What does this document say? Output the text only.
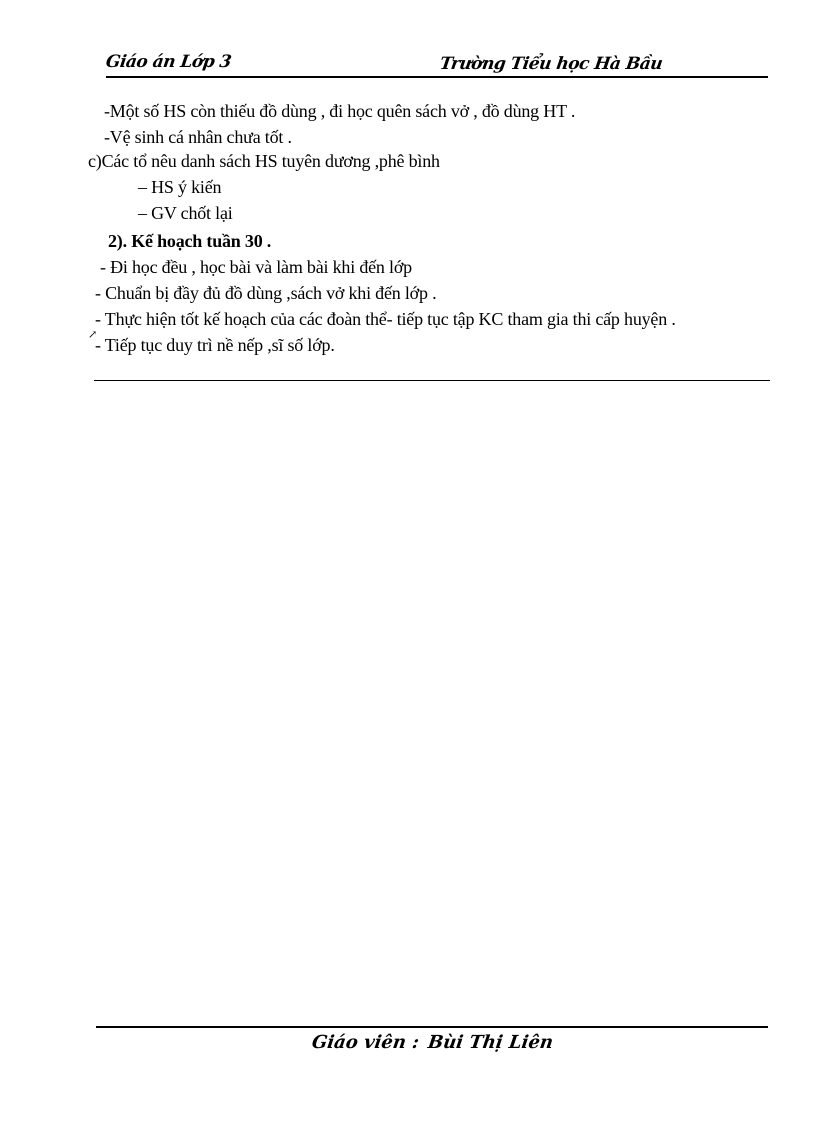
Giáo án Lớp 3	Trường Tiểu học Hà Bầu
-Một số HS còn thiếu đồ dùng , đi học quên sách vở , đồ dùng HT .
-Vệ sinh cá nhân chưa tốt .
c)Các tổ nêu danh sách HS tuyên dương ,phê bình
– HS ý kiến
– GV chốt lại
2). Kế hoạch tuần 30 .
- Đi học đều , học bài và làm bài khi đến lớp
- Chuẩn bị đầy đủ đồ dùng ,sách vở khi đến lớp .
- Thực hiện tốt kế hoạch của các đoàn thể- tiếp tục tập KC tham gia thi cấp huyện .
↗
- Tiếp tục duy trì nề nếp ,sĩ số lớp.
Giáo viên : Bùi Thị Liên
